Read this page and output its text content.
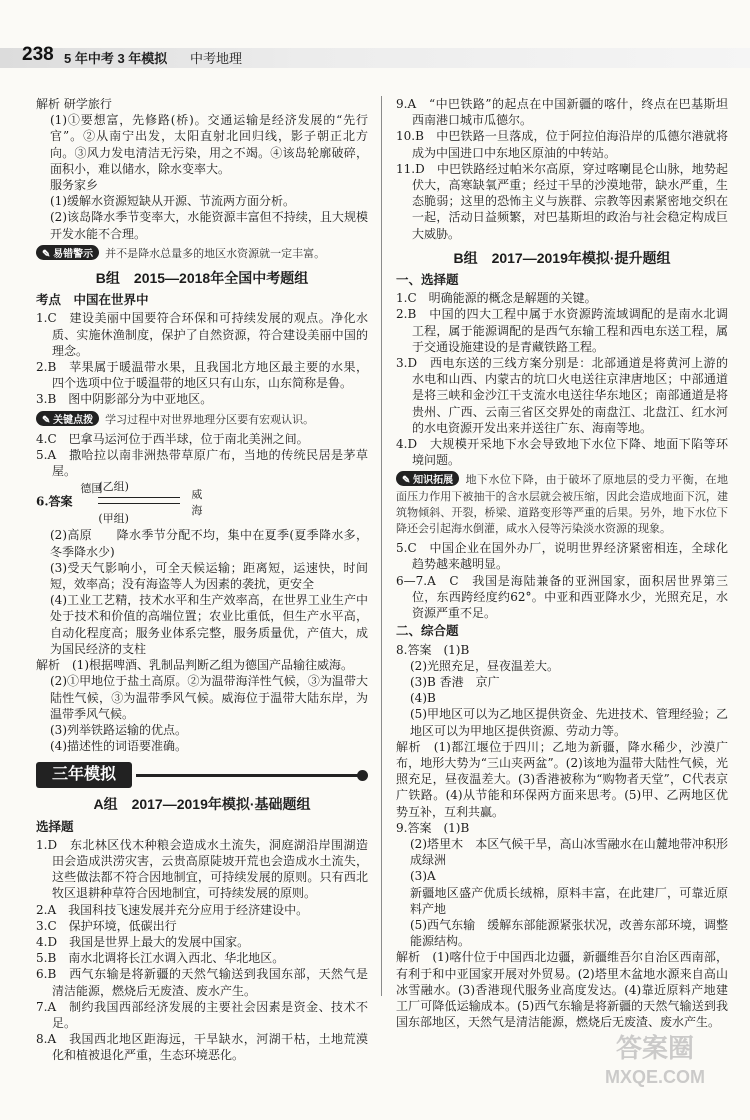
238 5 年中考 3 年模拟 中考地理

解析 研学旅行

(1)①要想富，先修路(桥)。交通运输是经济发展的“先行官”。②从南宁出发，太阳直射北回归线，影子朝正北方向。③风力发电清洁无污染，用之不竭。④该岛轮廓破碎，面积小，难以储水，除水变率大。

服务家乡

(1)缓解水资源短缺从开源、节流两方面分析。

(2)该岛降水季节变率大，水能资源丰富但不持续，且大规模开发水能不合理。

✎ 易错警示 并不是降水总量多的地区水资源就一定丰富。

B组　2015—2018年全国中考题组

考点　中国在世界中

1.C　建设美丽中国要符合环保和可持续发展的观点。净化水质、实施休渔制度，保护了自然资源，符合建设美丽中国的理念。

2.B　苹果属于暖温带水果，且我国北方地区最主要的水果，四个选项中位于暖温带的地区只有山东，山东简称是鲁。

3.B　图中阴影部分为中亚地区。

✎ 关键点拨 学习过程中对世界地理分区要有宏观认识。

4.C　巴拿马运河位于西半球，位于南北美洲之间。

5.A　撒哈拉以南非洲热带草原广布，当地的传统民居是茅草屋。

6.答案
德国
(乙组)
(甲组)
威
海

(2)高原　　降水季节分配不均，集中在夏季(夏季降水多，冬季降水少)

(3)受天气影响小，可全天候运输；距离短，运速快，时间短，效率高；没有海盗等人为因素的袭扰，更安全

(4)工业工艺精，技术水平和生产效率高，在世界工业生产中处于技术和价值的高端位置；农业比重低，但生产水平高，自动化程度高；服务业体系完整，服务质量优，产值大，成为国民经济的支柱

解析　(1)根据啤酒、乳制品判断乙组为德国产品输往威海。

(2)①甲地位于盐土高原。②为温带海洋性气候，③为温带大陆性气候，③为温带季风气候。威海位于温带大陆东岸，为温带季风气候。

(3)列举铁路运输的优点。

(4)描述性的词语要准确。

三年模拟
A组　2017—2019年模拟·基础题组

选择题

1.D　东北林区伐木种粮会造成水土流失，洞庭湖沿岸围湖造田会造成洪涝灾害，云贵高原陡坡开荒也会造成水土流失，这些做法都不符合因地制宜，可持续发展的原则。只有西北牧区退耕种草符合因地制宜，可持续发展的原则。

2.A　我国科技飞速发展并充分应用于经济建设中。

3.C　保护环境，低碳出行

4.D　我国是世界上最大的发展中国家。

5.B　南水北调将长江水调入西北、华北地区。

6.B　西气东输是将新疆的天然气输送到我国东部，天然气是清洁能源，燃烧后无废渣、废水产生。

7.A　制约我国西部经济发展的主要社会因素是资金、技术不足。

8.A　我国西北地区距海远，干旱缺水，河湖干枯，土地荒漠化和植被退化严重，生态环境恶化。

9.A　“中巴铁路”的起点在中国新疆的喀什，终点在巴基斯坦西南港口城市瓜德尔。

10.B　中巴铁路一旦落成，位于阿拉伯海沿岸的瓜德尔港就将成为中国进口中东地区原油的中转站。

11.D　中巴铁路经过帕米尔高原，穿过喀喇昆仑山脉，地势起伏大，高寒缺氧严重；经过干旱的沙漠地带，缺水严重，生态脆弱；这里的恐怖主义与族群、宗教等因素紧密地交织在一起，活动日益频繁，对巴基斯坦的政治与社会稳定构成巨大威胁。

B组　2017—2019年模拟·提升题组

一、选择题

1.C　明确能源的概念是解题的关键。

2.B　中国的四大工程中属于水资源跨流域调配的是南水北调工程，属于能源调配的是西气东输工程和西电东送工程，属于交通设施建设的是青藏铁路工程。

3.D　西电东送的三线方案分别是：北部通道是将黄河上游的水电和山西、内蒙古的坑口火电送往京津唐地区；中部通道是将三峡和金沙江干支流水电送往华东地区；南部通道是将贵州、广西、云南三省区交界处的南盘江、北盘江、红水河的水电资源开发出来并送往广东、海南等地。

4.D　大规模开采地下水会导致地下水位下降、地面下陷等环境问题。

✎ 知识拓展 地下水位下降，由于破坏了原地层的受力平衡，在地面压力作用下被抽干的含水层就会被压缩，因此会造成地面下沉，建筑物倾斜、开裂，桥梁、道路变形等严重的后果。另外，地下水位下降还会引起海水倒灌，咸水入侵等污染淡水资源的现象。

5.C　中国企业在国外办厂，说明世界经济紧密相连，全球化趋势越来越明显。

6—7.A　C　我国是海陆兼备的亚洲国家，面积居世界第三位，东西跨经度约62°。中亚和西亚降水少，光照充足，水资源严重不足。

二、综合题

8.答案　(1)B

(2)光照充足，昼夜温差大。

(3)B 香港　京广

(4)B

(5)甲地区可以为乙地区提供资金、先进技术、管理经验；乙地区可以为甲地区提供资源、劳动力等。

解析　(1)都江堰位于四川；乙地为新疆，降水稀少，沙漠广布，地形大势为“三山夹两盆”。(2)该地为温带大陆性气候，光照充足，昼夜温差大。(3)香港被称为“购物者天堂”，C代表京广铁路。(4)从节能和环保两方面来思考。(5)甲、乙两地区优势互补，互利共赢。

9.答案　(1)B

(2)塔里木　本区气候干旱，高山冰雪融水在山麓地带冲积形成绿洲

(3)A

新疆地区盛产优质长绒棉，原料丰富，在此建厂，可靠近原料产地

(5)西气东输　缓解东部能源紧张状况，改善东部环境，调整能源结构。

解析　(1)喀什位于中国西北边疆，新疆维吾尔自治区西南部，有利于和中亚国家开展对外贸易。(2)塔里木盆地水源来自高山冰雪融水。(3)香港现代服务业高度发达。(4)靠近原料产地建工厂可降低运输成本。(5)西气东输是将新疆的天然气输送到我国东部地区，天然气是清洁能源，燃烧后无废渣、废水产生。

答案圈
MXQE.COM
